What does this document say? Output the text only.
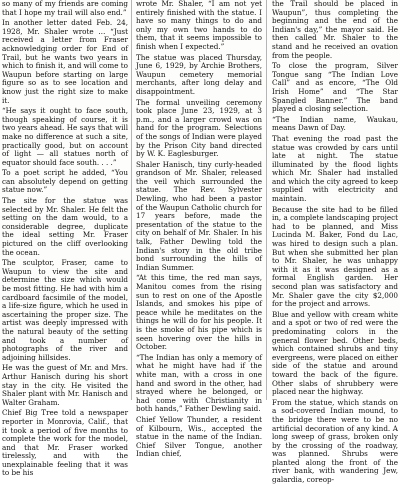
so many of my friends are coming that I hope my trail will also end.”

In another letter dated Feb. 24, 1928, Mr. Shaler wrote … “Just received a letter from Fraser acknowledging order for End of Trail, but he wants two years in which to finish it, and will come to Waupun before starting on large figure so as to see location and know just the right size to make it.

“He says it ought to face south, though speaking of course, it is two years ahead. He says that will make no difference at such a site, practically good, but on account of light — all statues north of equator should face south. . . .”

To a poet script he added, “You can absolutely depend on getting statue now.”

The site for the statue was selected by Mr. Shaler. He felt the setting on the dam would, to a considerable degree, duplicate the ideal setting Mr. Fraser pictured on the cliff overlooking the ocean.

The sculptor, Fraser, came to Waupun to view the site and determine the size which would be most fitting. He had with him a cardboard facsimile of the model, a life-size figure, which he used in ascertaining the proper size. The artist was deeply impressed with the natural beauty of the setting and took a number of photographs of the river and adjoining hillsides.

He was the guest of Mr. and Mrs. Arthur Hanisch during his short stay in the city. He visited the Shaler plant with Mr. Hanisch and Walter Graham.

Chief Big Tree told a newspaper reporter in Monrovia, Calif., that it took a period of five months to complete the work for the model, and that Mr. Fraser worked tirelessly, and with the unexplainable feeling that it was to be his

wrote Mr. Shaler, “I am not yet entirely finished with the statue. I have so many things to do and only my own two hands to do them, that it seems impossible to finish when I expected.”

The statue was placed Thursday, June 6, 1929, by Archie Brothers, Waupun cemetery memorial merchants, after long delay and disappointment.

The formal unveiling ceremony took place June 23, 1929, at 3 p.m., and a larger crowd was on hand for the program. Selections of the songs of Indian were played by the Prison City band directed by W. K. Eaglesburger.

Shaler Hanisch, tiny curly-headed grandson of Mr. Shaler, released the veil which surrounded the statue. The Rev. Sylvester Dewling, who had been a pastor of the Waupun Catholic church for 17 years before, made the presentation of the statue to the city on behalf of Mr. Shaler. In his talk, Father Dewling told the Indian's story in the old tribe bond surrounding the hills of Indian Summer.

“At this time, the red man says, Manitou comes from the rising sun to rest on one of the Apostle Islands, and smokes his pipe of peace while he meditates on the things he will do for his people. It is the smoke of his pipe which is seen hovering over the hills in October.

“The Indian has only a memory of what he might have had if the white man, with a cross in one hand and sword in the other, had strayed where he belonged, or had come with Christianity in both hands,” Father Dewling said.

Chief Yellow Thunder, a resident of Kilbourn, Wis., accepted the statue in the name of the Indian. Chief Silver Tongue, another Indian chief,

the Trail should be placed in Waupun”, thus completing the beginning and the end of the Indian's day,” the mayor said. He then called Mr. Shaler to the stand and he received an ovation from the people.

To close the program, Silver Tongue sang “The Indian Love Call” and as encore, “The Old Irish Home” and “The Star Spangled Banner.” The band played a closing selection.

“The Indian name, Waukau, means Dawn of Day.

That evening the road past the statue was crowded by cars until late at night. The statue illuminated by the flood lights which Mr. Shaler had installed and which the city agreed to keep supplied with electricity and maintain.

Because the site had to be filled in, a complete landscaping project had to be planned, and Miss Lucinda M. Baker, Fond du Lac, was hired to design such a plan. But when she submitted her plan to Mr. Shaler, he was unhappy with it as it was designed as a formal English garden. Her second plan was satisfactory and Mr. Shaler gave the city $2,000 for the project and arrows.

Blue and yellow with cream white and a spot or two of red were the predominating colors in the general flower bed. Other beds, which contained shrubs and tiny evergreens, were placed on either side of the statue and around toward the back of the figure. Other slabs of shrubbery were placed near the highway.

From the statue, which stands on a sod-covered Indian mound, to the bridge there were to be no artificial decoration of any kind. A long sweep of grass, broken only by the crossing of the roadway, was planned. Shrubs were planted along the front of the river bank, with wandering Jew, galardia, coreop-
